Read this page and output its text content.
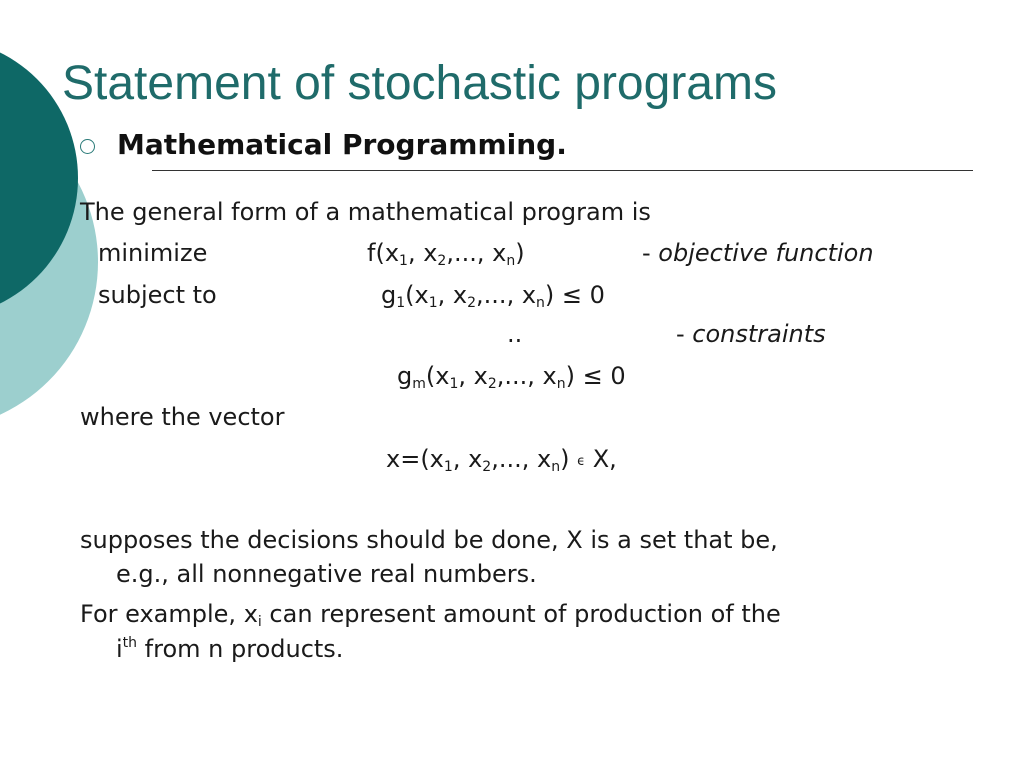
Statement of stochastic programs
Mathematical Programming.
The general form of a mathematical program is
minimize	$f(x_1$, $x_2$,..., $x_n$)	- objective function
subject to	$g_1(x_1$, $x_2$,..., $x_n) \le 0$
..	- constraints
$g_m(x_1$, $x_2$,..., $x_n) \le 0$
where the vector
$x=(x_1$, $x_2$,..., $x_n$) ϵ X,
supposes the decisions should be done, X is a set that be,
e.g., all nonnegative real numbers.
For example, $x_i$ can represent amount of production of the
$i^{th}$ from n products.
